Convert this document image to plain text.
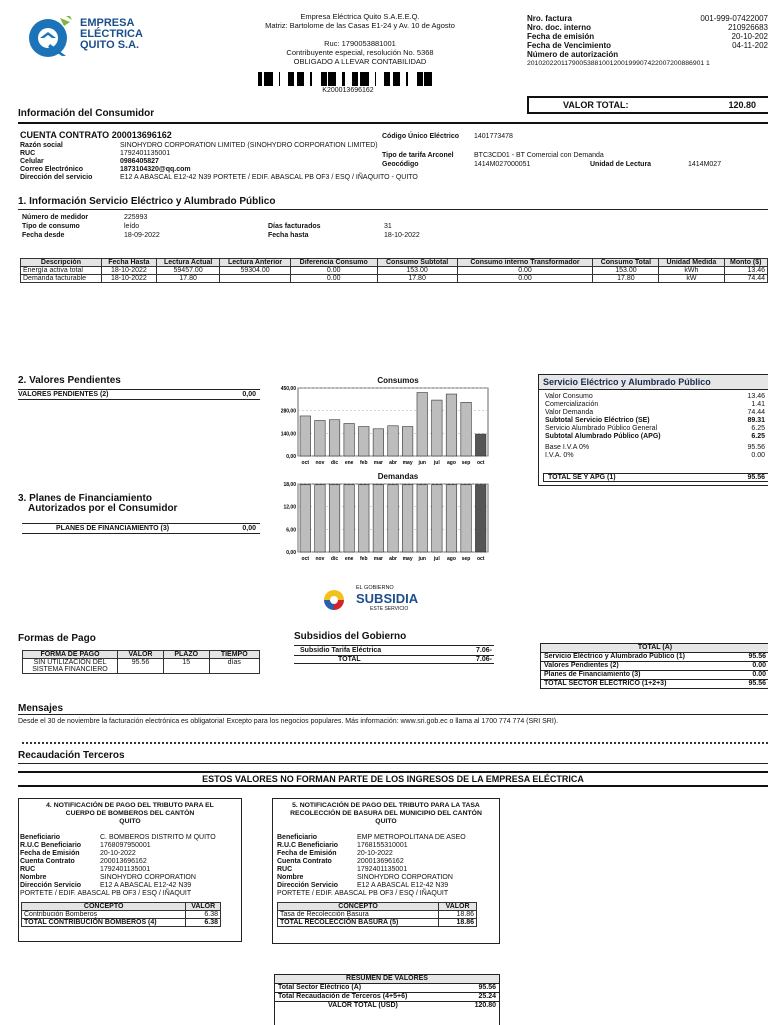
EMPRESA
ELÉCTRICA
QUITO S.A.
Empresa Eléctrica Quito S.A.E.E.Q.
Matriz: Bartolome de las Casas E1-24 y Av. 10 de Agosto
Ruc: 1790053881001
Contribuyente especial, resolución No. 5368
OBLIGADO A LLEVAR CONTABILIDAD
K200013696162
Nro. factura	001-999-07422007
Nro. doc. interno	210926683
Fecha de emisión	20-10-202
Fecha de Vencimiento	04-11-202
Número de autorización
20102022011790053881001200199907422007200886901 1
VALOR TOTAL:	120.80
Información del Consumidor
CUENTA CONTRATO 200013696162	Código Único Eléctrico 1401773478
Razón social	SINOHYDRO CORPORATION LIMITED (SINOHYDRO CORPORATION LIMITED)
RUC	1792401135001	Tipo de tarifa Arconel	BTC3CD01 - BT Comercial con Demanda
Celular	0986405827	Geocódigo	1414M027000051	Unidad de Lectura	1414M027
Correo Electrónico	1873104320@qq.com
Dirección del servicio	E12 A ABASCAL E12-42 N39 PORTETE / EDIF. ABASCAL PB OF3 / ESQ / IÑAQUITO - QUITO
1. Información Servicio Eléctrico y Alumbrado Público
Número de medidor	225993
Tipo de consumo	leído	Días facturados	31
Fecha desde	18-09-2022	Fecha hasta	18-10-2022
Descripción	Fecha Hasta	Lectura Actual	Lectura Anterior	Diferencia Consumo	Consumo Subtotal	Consumo interno Transformador	Consumo Total	Unidad Medida	Monto ($)
Energía activa total	18-10-2022	59457.00	59304.00	0.00	153.00	0.00	153.00	kWh	13.46
Demanda facturable	18-10-2022	17.80		0.00	17.80	0.00	17.80	kW	74.44
2. Valores Pendientes
VALORES PENDIENTES (2)	0,00
3. Planes de Financiamiento
Autorizados por el Consumidor
PLANES DE FINANCIAMIENTO (3)	0,00
Consumos
0,00
140,00
280,00
450,00
oct nov dic ene feb mar abr may jun jul ago sep oct
Demandas
0,00
6,00
12,00
18,00
oct nov dic ene feb mar abr may jun jul ago sep oct
EL GOBIERNO
SUBSIDIA
ESTE SERVICIO
Servicio Eléctrico y Alumbrado Público
Valor Consumo	13.46
Comercialización	1.41
Valor Demanda	74.44
Subtotal Servicio Eléctrico (SE)	89.31
Servicio Alumbrado Público General	6.25
Subtotal Alumbrado Público (APG)	6.25
Base I.V.A 0%	95.56
I.V.A. 0%	0.00
TOTAL SE Y APG (1)	95.56
Formas de Pago
FORMA DE PAGO	VALOR	PLAZO	TIEMPO
SIN UTILIZACIÓN DEL SISTEMA FINANCIERO	95.56	15	días
Subsidios del Gobierno
Subsidio Tarifa Eléctrica	7.06-
TOTAL	7.06-
TOTAL (A)
Servicio Eléctrico y Alumbrado Público (1)	95.56
Valores Pendientes (2)	0.00
Planes de Financiamiento (3)	0.00
TOTAL SECTOR ELECTRICO (1+2+3)	95.56
Mensajes
Desde el 30 de noviembre la facturación electrónica es obligatoria! Excepto para los negocios populares. Más información: www.sri.gob.ec o llama al 1700 774 774 (SRI SRI).
Recaudación Terceros
ESTOS VALORES NO FORMAN PARTE DE LOS INGRESOS DE LA EMPRESA ELÉCTRICA
4. NOTIFICACIÓN DE PAGO DEL TRIBUTO PARA EL
CUERPO DE BOMBEROS DEL CANTÓN
QUITO
Beneficiario	C. BOMBEROS DISTRITO M QUITO
R.U.C Beneficiario	1768097950001
Fecha de Emisión	20-10-2022
Cuenta Contrato	200013696162
RUC	1792401135001
Nombre	SINOHYDRO CORPORATION
Dirección Servicio	E12 A ABASCAL E12-42 N39
PORTETE / EDIF. ABASCAL PB OF3 / ESQ / IÑAQUIT
CONCEPTO	VALOR
Contribución Bomberos	6.38
TOTAL CONTRIBUCIÓN BOMBEROS (4)	6.38
5. NOTIFICACIÓN DE PAGO DEL TRIBUTO PARA LA TASA
RECOLECCIÓN DE BASURA DEL MUNICIPIO DEL CANTÓN
QUITO
Beneficiario	EMP METROPOLITANA DE ASEO
R.U.C Beneficiario	1768155310001
Fecha de Emisión	20-10-2022
Cuenta Contrato	200013696162
RUC	1792401135001
Nombre	SINOHYDRO CORPORATION
Dirección Servicio	E12 A ABASCAL E12-42 N39
PORTETE / EDIF. ABASCAL PB OF3 / ESQ / IÑAQUIT
CONCEPTO	VALOR
Tasa de Recolección Basura	18.86
TOTAL RECOLECCIÓN BASURA (5)	18.86
RESUMEN DE VALORES
Total Sector Eléctrico (A)	95.56
Total Recaudación de Terceros (4+5+6)	25.24
VALOR TOTAL (USD)	120.80
